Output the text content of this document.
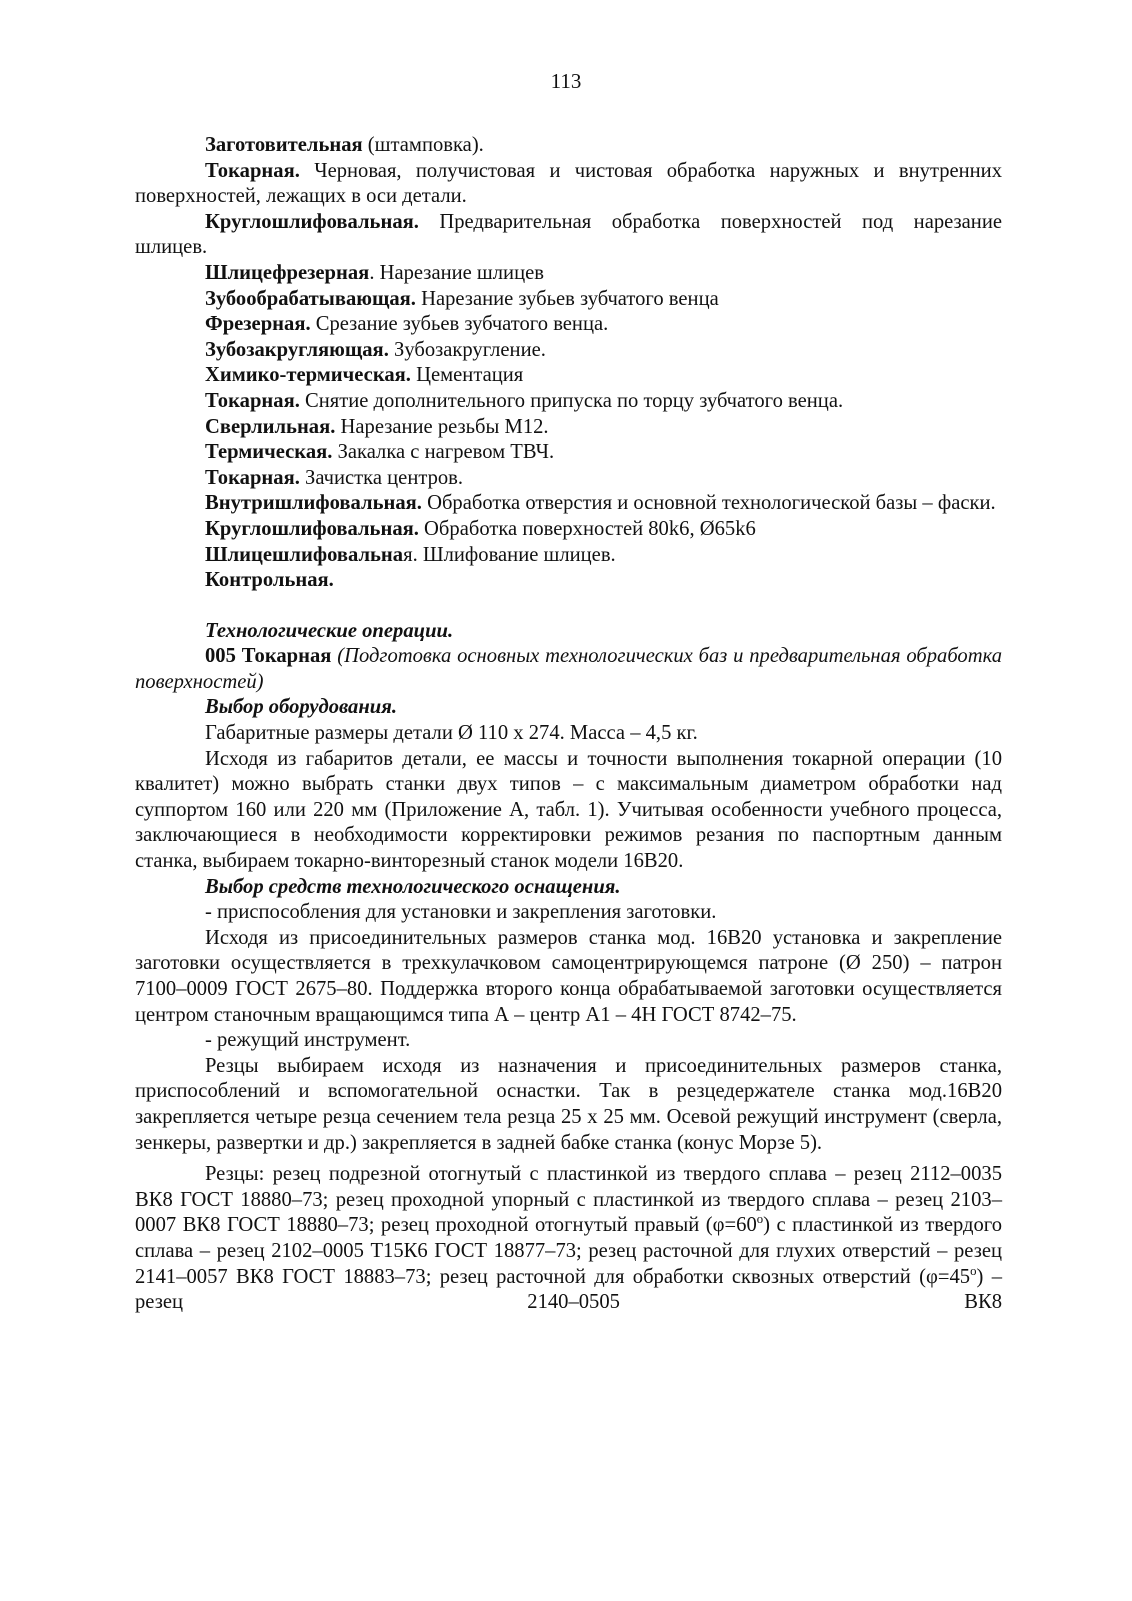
113

Заготовительная (штамповка).

Токарная. Черновая, получистовая и чистовая обработка наружных и внутренних поверхностей, лежащих в оси детали.

Круглошлифовальная. Предварительная обработка поверхностей под нарезание шлицев.

Шлицефрезерная. Нарезание шлицев

Зубообрабатывающая. Нарезание зубьев зубчатого венца

Фрезерная. Срезание зубьев зубчатого венца.

Зубозакругляющая. Зубозакругление.

Химико-термическая. Цементация

Токарная. Снятие дополнительного припуска по торцу зубчатого венца.

Сверлильная. Нарезание резьбы М12.

Термическая. Закалка с нагревом ТВЧ.

Токарная. Зачистка центров.

Внутришлифовальная. Обработка отверстия и основной технологической базы – фаски.

Круглошлифовальная. Обработка поверхностей 80k6, Ø65k6

Шлицешлифовальная. Шлифование шлицев.

Контрольная.

Технологические операции.

005 Токарная (Подготовка основных технологических баз и предварительная обработка поверхностей)

Выбор оборудования.

Габаритные размеры детали Ø 110 х 274. Масса – 4,5 кг.

Исходя из габаритов детали, ее массы и точности выполнения токарной операции (10 квалитет) можно выбрать станки двух типов – с максимальным диаметром обработки над суппортом 160 или 220 мм (Приложение А, табл. 1). Учитывая особенности учебного процесса, заключающиеся в необходимости корректировки режимов резания по паспортным данным станка, выбираем токарно-винторезный станок модели 16В20.

Выбор средств технологического оснащения.

- приспособления для установки и закрепления заготовки.

Исходя из присоединительных размеров станка мод. 16В20 установка и закрепление заготовки осуществляется в трехкулачковом самоцентрирующемся патроне (Ø 250) – патрон 7100–0009 ГОСТ 2675–80. Поддержка второго конца обрабатываемой заготовки осуществляется центром станочным вращающимся типа А – центр А1 – 4Н ГОСТ 8742–75.

- режущий инструмент.

Резцы выбираем исходя из назначения и присоединительных размеров станка, приспособлений и вспомогательной оснастки. Так в резцедержателе станка мод.16В20 закрепляется четыре резца сечением тела резца 25 х 25 мм. Осевой режущий инструмент (сверла, зенкеры, развертки и др.) закрепляется в задней бабке станка (конус Морзе 5).

Резцы: резец подрезной отогнутый с пластинкой из твердого сплава – резец 2112–0035 ВК8 ГОСТ 18880–73; резец проходной упорный с пластинкой из твердого сплава – резец 2103–0007 ВК8 ГОСТ 18880–73; резец проходной отогнутый правый $(\varphi=60^о)$ с пластинкой из твердого сплава – резец 2102–0005 Т15К6 ГОСТ 18877–73; резец расточной для глухих отверстий – резец 2141–0057 ВК8 ГОСТ 18883–73; резец расточной для обработки сквозных отверстий $(\varphi=45^о)$ – резец 2140–0505 ВК8
